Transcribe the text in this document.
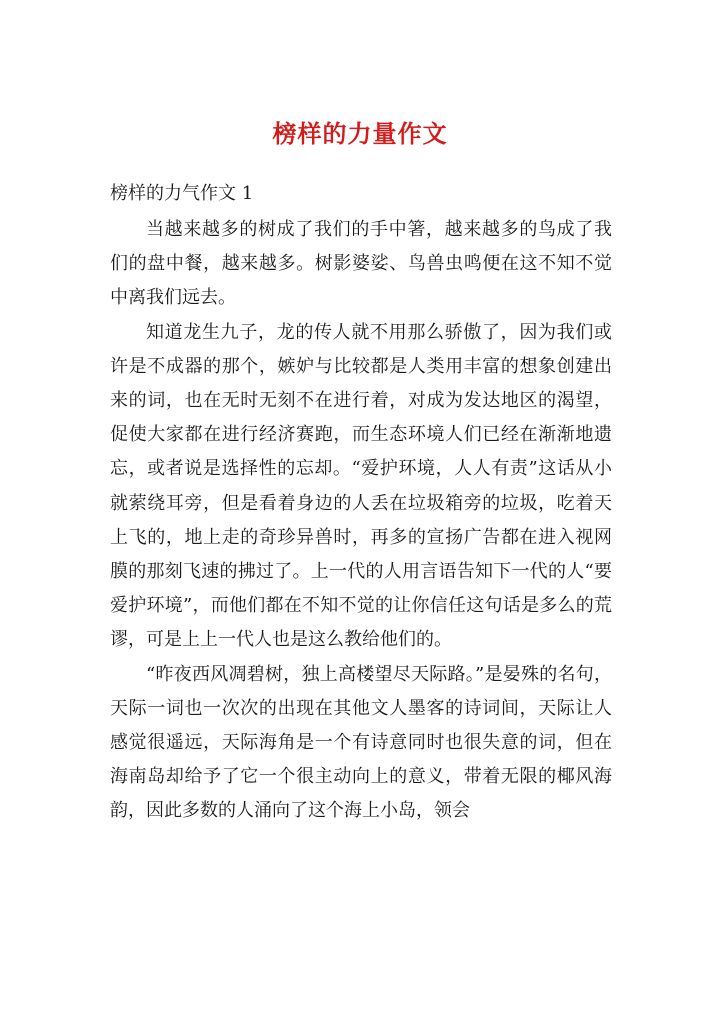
榜样的力量作文
榜样的力气作文 1

当越来越多的树成了我们的手中箸，越来越多的鸟成了我们的盘中餐，越来越多。树影婆娑、鸟兽虫鸣便在这不知不觉中离我们远去。

知道龙生九子，龙的传人就不用那么骄傲了，因为我们或许是不成器的那个，嫉妒与比较都是人类用丰富的想象创建出来的词，也在无时无刻不在进行着，对成为发达地区的渴望，促使大家都在进行经济赛跑，而生态环境人们已经在渐渐地遗忘，或者说是选择性的忘却。“爱护环境，人人有责”这话从小就萦绕耳旁，但是看着身边的人丢在垃圾箱旁的垃圾，吃着天上飞的，地上走的奇珍异兽时，再多的宣扬广告都在进入视网膜的那刻飞速的拂过了。上一代的人用言语告知下一代的人“要爱护环境”，而他们都在不知不觉的让你信任这句话是多么的荒谬，可是上上一代人也是这么教给他们的。

“昨夜西风凋碧树，独上高楼望尽天际路。”是晏殊的名句，天际一词也一次次的出现在其他文人墨客的诗词间，天际让人感觉很遥远，天际海角是一个有诗意同时也很失意的词，但在海南岛却给予了它一个很主动向上的意义，带着无限的椰风海韵，因此多数的人涌向了这个海上小岛，领会
